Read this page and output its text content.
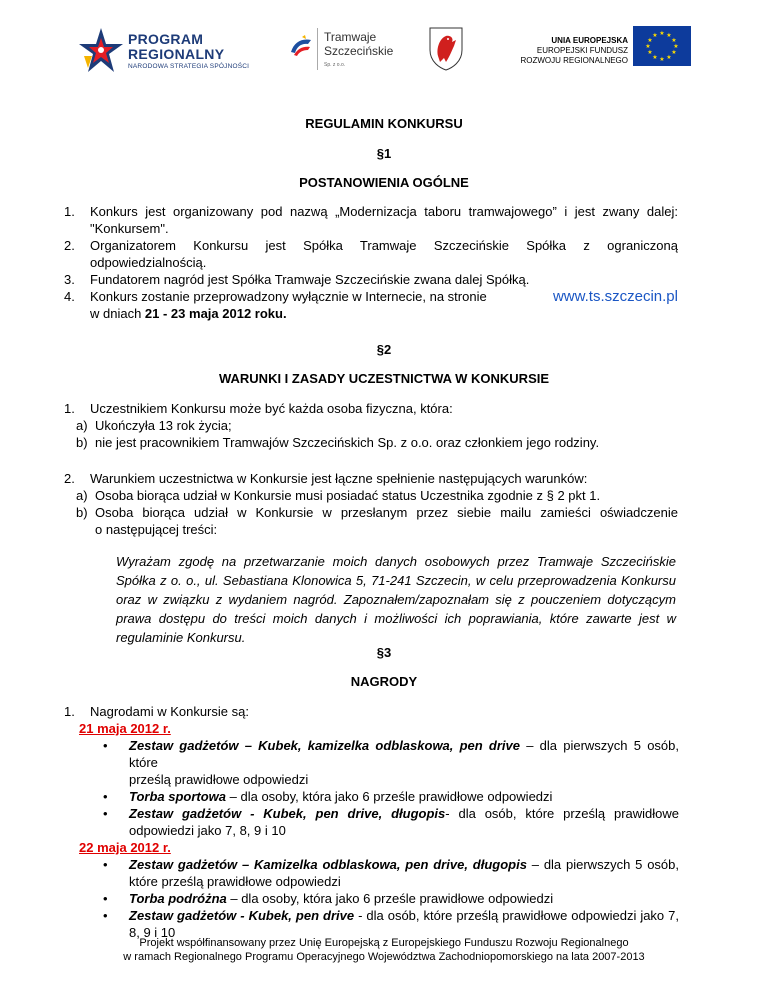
PROGRAM
REGIONALNY
NARODOWA STRATEGIA SPÓJNOŚCI
Tramwaje
Szczecińskie
Sp. z o.o.
UNIA EUROPEJSKA
EUROPEJSKI FUNDUSZ
ROZWOJU REGIONALNEGO
★ ★
★
★
★
★
★
★
★
★
★
★
REGULAMIN KONKURSU
§1
POSTANOWIENIA OGÓLNE
1. Konkurs jest organizowany pod nazwą „Modernizacja taboru tramwajowego” i jest zwany dalej:
"Konkursem".
2. Organizatorem Konkursu jest Spółka Tramwaje Szczecińskie Spółka z ograniczoną
odpowiedzialnością.
3. Fundatorem nagród jest Spółka Tramwaje Szczecińskie zwana dalej Spółką.
4. Konkurs zostanie przeprowadzony wyłącznie w Internecie, na stronie	www.ts.szczecin.pl
w dniach 21 - 23 maja 2012 roku.
§2
WARUNKI I ZASADY UCZESTNICTWA W KONKURSIE
1. Uczestnikiem Konkursu może być każda osoba fizyczna, która:
a) Ukończyła 13 rok życia;
b) nie jest pracownikiem Tramwajów Szczecińskich Sp. z o.o. oraz członkiem jego rodziny.
2. Warunkiem uczestnictwa w Konkursie jest łączne spełnienie następujących warunków:
a) Osoba biorąca udział w Konkursie musi posiadać status Uczestnika zgodnie z § 2 pkt 1.
b) Osoba biorąca udział w Konkursie w przesłanym przez siebie mailu zamieści oświadczenie
o następującej treści:
Wyrażam zgodę na przetwarzanie moich danych osobowych przez Tramwaje Szczecińskie Spółka z o. o., ul. Sebastiana Klonowica 5, 71-241 Szczecin, w celu przeprowadzenia Konkursu oraz w związku z wydaniem nagród. Zapoznałem/zapoznałam się z pouczeniem dotyczącym prawa dostępu do treści moich danych i możliwości ich poprawiania, które zawarte jest w regulaminie Konkursu.
§3
NAGRODY
1. Nagrodami w Konkursie są:
21 maja 2012 r.
• Zestaw gadżetów – Kubek, kamizelka odblaskowa, pen drive – dla pierwszych 5 osób, które
prześlą prawidłowe odpowiedzi
• Torba sportowa – dla osoby, która jako 6 prześle prawidłowe odpowiedzi
• Zestaw gadżetów - Kubek, pen drive, długopis- dla osób, które prześlą prawidłowe
odpowiedzi jako 7, 8, 9 i 10
22 maja 2012 r.
• Zestaw gadżetów – Kamizelka odblaskowa, pen drive, długopis – dla pierwszych 5 osób,
które prześlą prawidłowe odpowiedzi
• Torba podróżna – dla osoby, która jako 6 prześle prawidłowe odpowiedzi
• Zestaw gadżetów - Kubek, pen drive - dla osób, które prześlą prawidłowe odpowiedzi jako 7,
8, 9 i 10
Projekt współfinansowany przez Unię Europejską z Europejskiego Funduszu Rozwoju Regionalnego
w ramach Regionalnego Programu Operacyjnego Województwa Zachodniopomorskiego na lata 2007-2013
